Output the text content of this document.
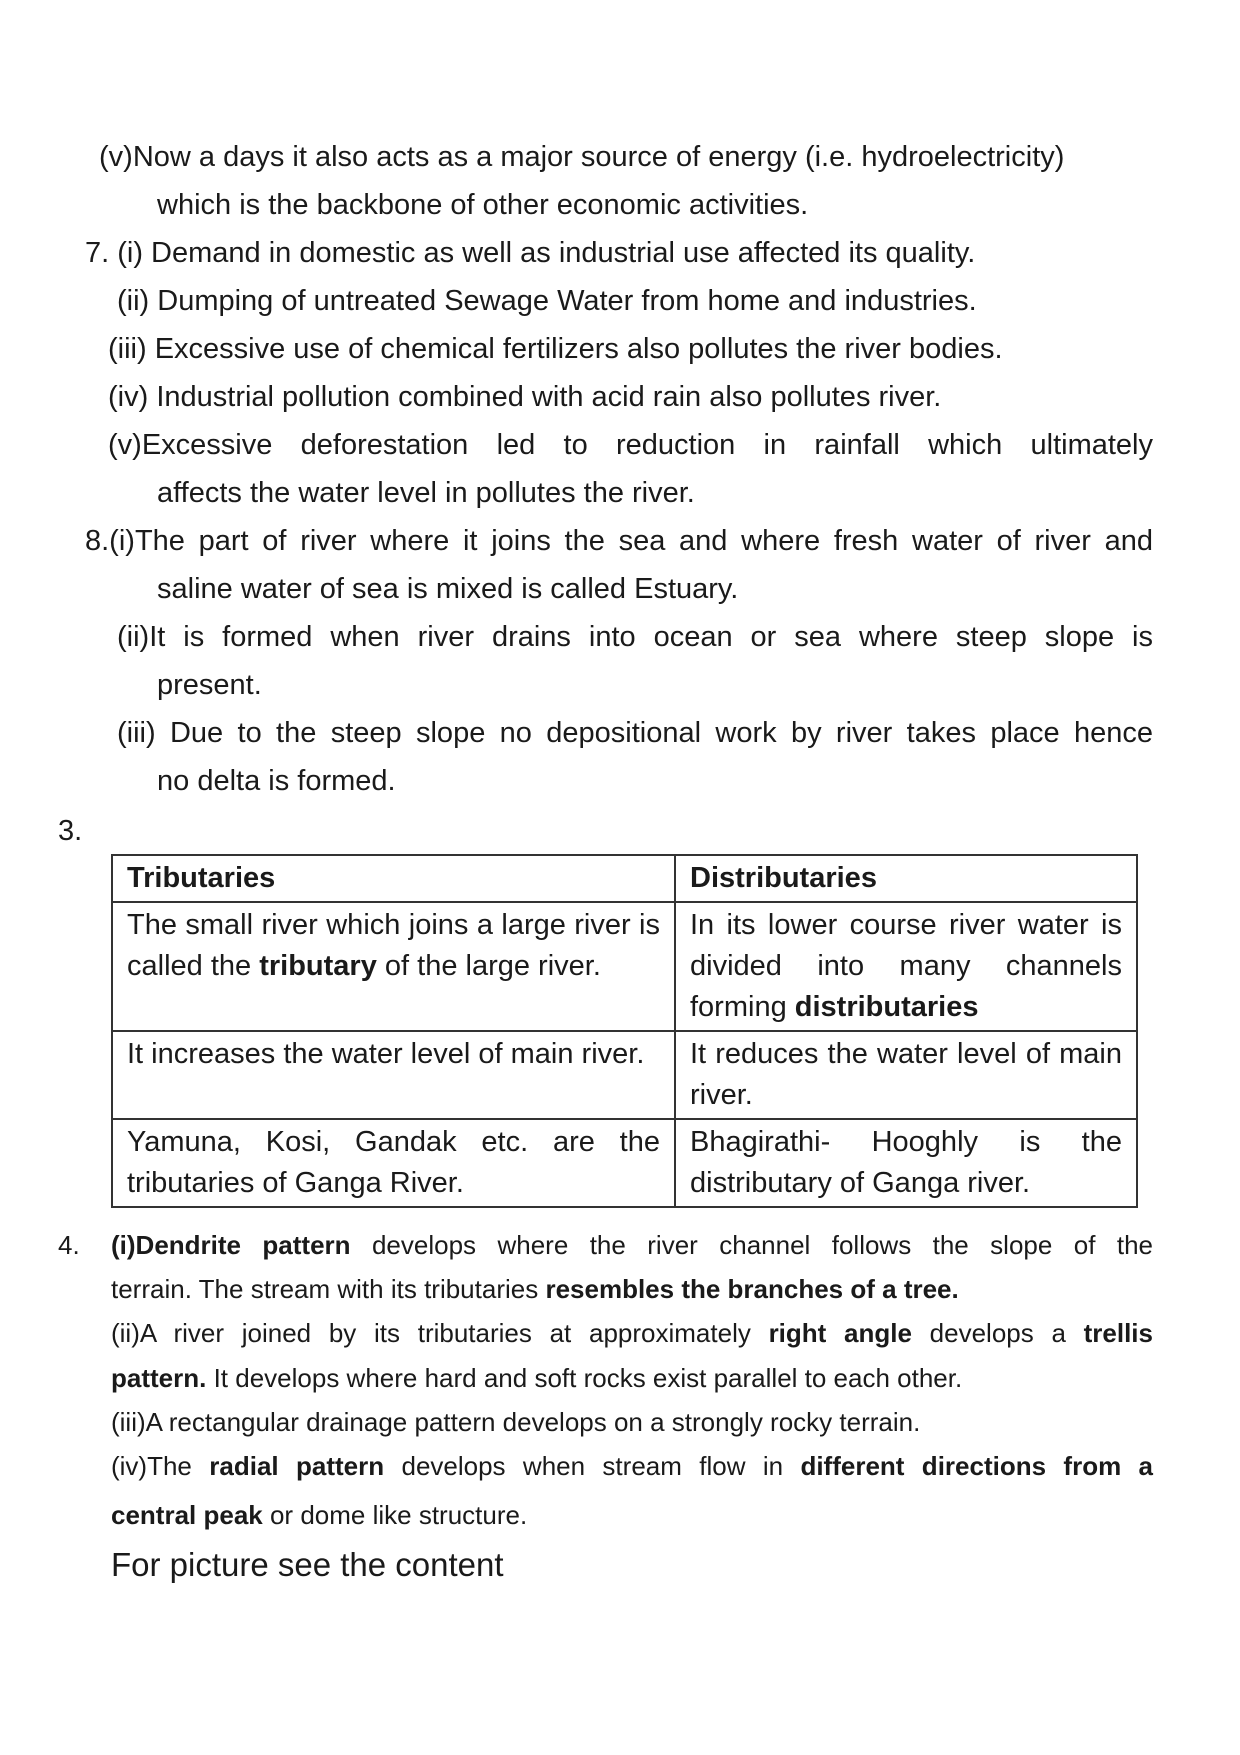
(v)Now a days it also acts as a major source of energy (i.e. hydroelectricity)
which is the backbone of other economic activities.
7. (i) Demand in domestic as well as industrial use affected its quality.
(ii) Dumping of untreated Sewage Water from home and industries.
(iii) Excessive use of chemical fertilizers also pollutes the river bodies.
(iv) Industrial pollution combined with acid rain also pollutes river.
(v)Excessive deforestation led to reduction in rainfall which ultimately
affects the water level in pollutes the river.
8.(i)The part of river where it joins the sea and where fresh water of river and
saline water of sea is mixed is called Estuary.
(ii)It is formed when river drains into ocean or sea where steep slope is
present.
(iii) Due to the steep slope no depositional work by river takes place hence
no delta is formed.
3.
Tributaries	Distributaries
The small river which joins a large river is called the tributary of the large river.	In its lower course river water is divided into many channels forming distributaries
It increases the water level of main river.	It reduces the water level of main river.
Yamuna, Kosi, Gandak etc. are the tributaries of Ganga River.	Bhagirathi- Hooghly is the distributary of Ganga river.
4. (i)Dendrite pattern develops where the river channel follows the slope of the
terrain. The stream with its tributaries resembles the branches of a tree.
(ii)A river joined by its tributaries at approximately right angle develops a trellis
pattern. It develops where hard and soft rocks exist parallel to each other.
(iii)A rectangular drainage pattern develops on a strongly rocky terrain.
(iv)The radial pattern develops when stream flow in different directions from a
central peak or dome like structure.
For picture see the content
